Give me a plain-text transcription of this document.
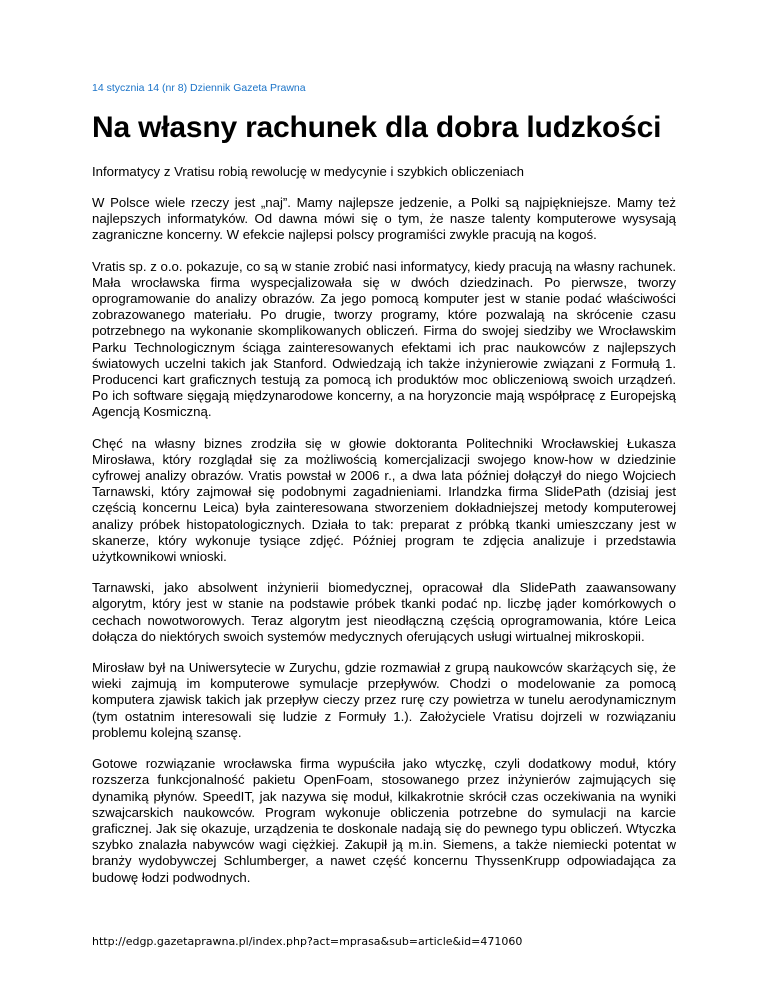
14 stycznia 14 (nr 8) Dziennik Gazeta Prawna
Na własny rachunek dla dobra ludzkości

Informatycy z Vratisu robią rewolucję w medycynie i szybkich obliczeniach

W Polsce wiele rzeczy jest „naj”. Mamy najlepsze jedzenie, a Polki są najpiękniejsze. Mamy też najlepszych informatyków. Od dawna mówi się o tym, że nasze talenty komputerowe wysysają zagraniczne koncerny. W efekcie najlepsi polscy programiści zwykle pracują na kogoś.

Vratis sp. z o.o. pokazuje, co są w stanie zrobić nasi informatycy, kiedy pracują na własny rachunek. Mała wrocławska firma wyspecjalizowała się w dwóch dziedzinach. Po pierwsze, tworzy oprogramowanie do analizy obrazów. Za jego pomocą komputer jest w stanie podać właściwości zobrazowanego materiału. Po drugie, tworzy programy, które pozwalają na skrócenie czasu potrzebnego na wykonanie skomplikowanych obliczeń. Firma do swojej siedziby we Wrocławskim Parku Technologicznym ściąga zainteresowanych efektami ich prac naukowców z najlepszych światowych uczelni takich jak Stanford. Odwiedzają ich także inżynierowie związani z Formułą 1. Producenci kart graficznych testują za pomocą ich produktów moc obliczeniową swoich urządzeń. Po ich software sięgają międzynarodowe koncerny, a na horyzoncie mają współpracę z Europejską Agencją Kosmiczną.

Chęć na własny biznes zrodziła się w głowie doktoranta Politechniki Wrocławskiej Łukasza Mirosława, który rozglądał się za możliwością komercjalizacji swojego know-how w dziedzinie cyfrowej analizy obrazów. Vratis powstał w 2006 r., a dwa lata później dołączył do niego Wojciech Tarnawski, który zajmował się podobnymi zagadnieniami. Irlandzka firma SlidePath (dzisiaj jest częścią koncernu Leica) była zainteresowana stworzeniem dokładniejszej metody komputerowej analizy próbek histopatologicznych. Działa to tak: preparat z próbką tkanki umieszczany jest w skanerze, który wykonuje tysiące zdjęć. Później program te zdjęcia analizuje i przedstawia użytkownikowi wnioski.

Tarnawski, jako absolwent inżynierii biomedycznej, opracował dla SlidePath zaawansowany algorytm, który jest w stanie na podstawie próbek tkanki podać np. liczbę jąder komórkowych o cechach nowotworowych. Teraz algorytm jest nieodłączną częścią oprogramowania, które Leica dołącza do niektórych swoich systemów medycznych oferujących usługi wirtualnej mikroskopii.

Mirosław był na Uniwersytecie w Zurychu, gdzie rozmawiał z grupą naukowców skarżących się, że wieki zajmują im komputerowe symulacje przepływów. Chodzi o modelowanie za pomocą komputera zjawisk takich jak przepływ cieczy przez rurę czy powietrza w tunelu aerodynamicznym (tym ostatnim interesowali się ludzie z Formuły 1.). Założyciele Vratisu dojrzeli w rozwiązaniu problemu kolejną szansę.

Gotowe rozwiązanie wrocławska firma wypuściła jako wtyczkę, czyli dodatkowy moduł, który rozszerza funkcjonalność pakietu OpenFoam, stosowanego przez inżynierów zajmujących się dynamiką płynów. SpeedIT, jak nazywa się moduł, kilkakrotnie skrócił czas oczekiwania na wyniki szwajcarskich naukowców. Program wykonuje obliczenia potrzebne do symulacji na karcie graficznej. Jak się okazuje, urządzenia te doskonale nadają się do pewnego typu obliczeń. Wtyczka szybko znalazła nabywców wagi ciężkiej. Zakupił ją m.in. Siemens, a także niemiecki potentat w branży wydobywczej Schlumberger, a nawet część koncernu ThyssenKrupp odpowiadająca za budowę łodzi podwodnych.

http://edgp.gazetaprawna.pl/index.php?act=mprasa&sub=article&id=471060
